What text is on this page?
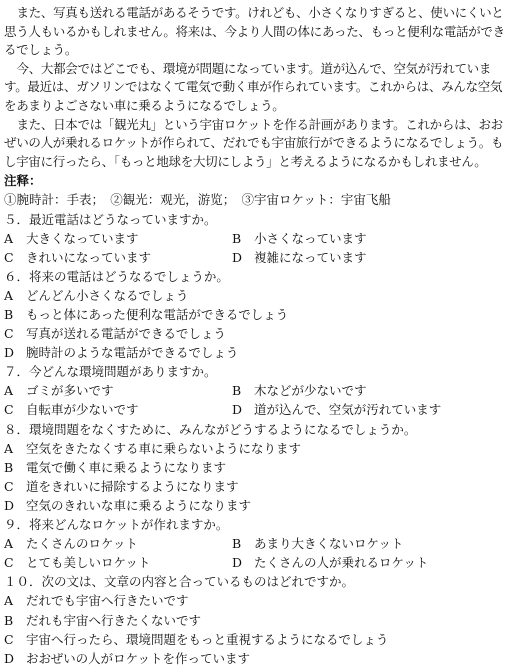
また、写真も送れる電話があるそうです。けれども、小さくなりすぎると、使いにくいと思う人もいるかもしれません。将来は、今より人間の体にあった、もっと便利な電話ができるでしょう。

今、大都会ではどこでも、環境が問題になっています。道が込んで、空気が汚れています。最近は、ガソリンではなくて電気で動く車が作られています。これからは、みんな空気をあまりよごさない車に乗るようになるでしょう。

また、日本では「観光丸」という宇宙ロケットを作る計画があります。これからは、おおぜいの人が乗れるロケットが作られて、だれでも宇宙旅行ができるようになるでしょう。もし宇宙に行ったら、「もっと地球を大切にしよう」と考えるようになるかもしれません。

注释：
①腕時計：手表；　②観光：观光，游览；　③宇宙ロケット：宇宙飞船
５．最近電話はどうなっていますか。
A	大きくなっています	B	小さくなっています
C きれいになっています	D 複雑になっています
６．将来の電話はどうなるでしょうか。
A	どんどん小さくなるでしょう
B	もっと体にあった便利な電話ができるでしょう
C 写真が送れる電話ができるでしょう
D 腕時計のような電話ができるでしょう
７．今どんな環境問題がありますか。
A	ゴミが多いです	B	木などが少ないです
C 自転車が少ないです	D 道が込んで、空気が汚れています
８．環境問題をなくすために、みんながどうするようになるでしょうか。
A	空気をきたなくする車に乗らないようになります
B	電気で働く車に乗るようになります
C 道をきれいに掃除するようになります
D 空気のきれいな車に乗るようになります
９．将来どんなロケットが作れますか。
A	たくさんのロケット	B	あまり大きくないロケット
C とても美しいロケット	D たくさんの人が乗れるロケット
１０．次の文は、文章の内容と合っているものはどれですか。
A	だれでも宇宙へ行きたいです
B	だれも宇宙へ行きたくないです
C 宇宙へ行ったら、環境問題をもっと重視するようになるでしょう
D おおぜいの人がロケットを作っています
